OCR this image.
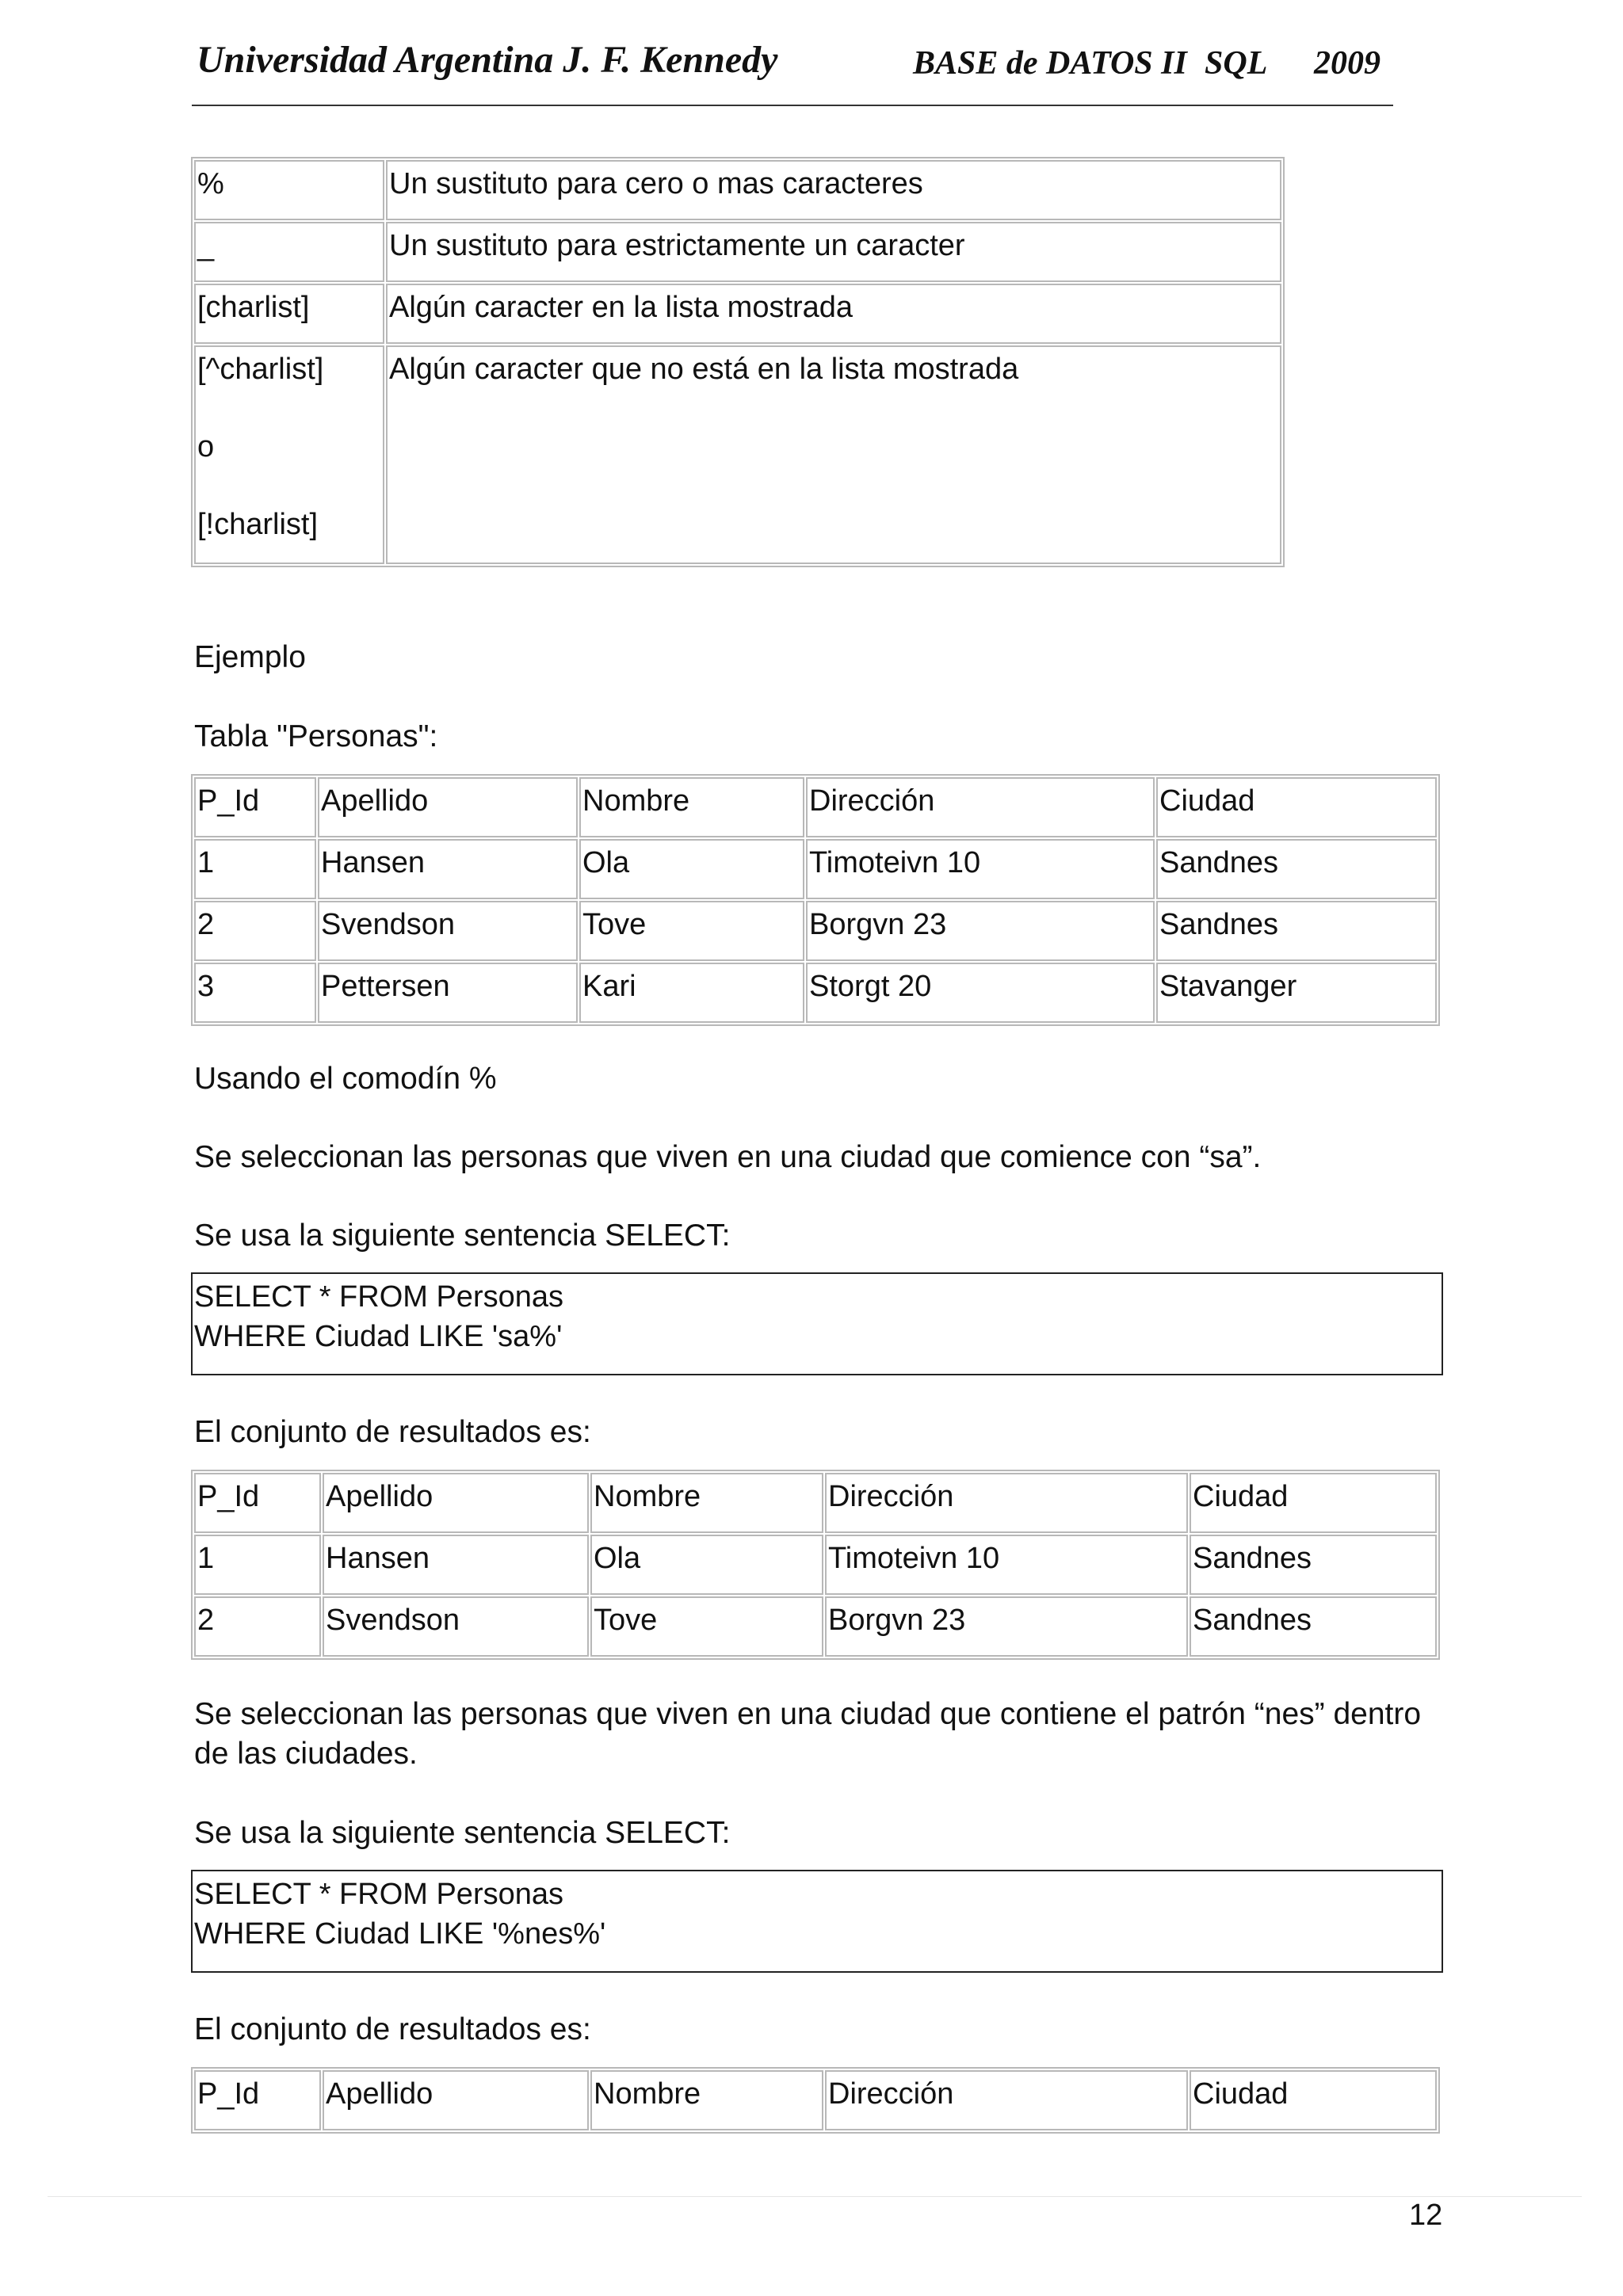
Universidad Argentina J. F. Kennedy	BASE de DATOS II SQL 2009
%	Un sustituto para cero o mas caracteres
_	Un sustituto para estrictamente un caracter
[charlist]	Algún caracter en la lista mostrada

[^charlist]
o
[!charlist]	Algún caracter que no está en la lista mostrada

Ejemplo

Tabla "Personas":

P_Id	Apellido	Nombre	Dirección	Ciudad
1	Hansen	Ola	Timoteivn 10	Sandnes
2	Svendson	Tove	Borgvn 23	Sandnes
3	Pettersen	Kari	Storgt 20	Stavanger

Usando el comodín %

Se seleccionan las personas que viven en una ciudad que comience con “sa”.

Se usa la siguiente sentencia SELECT:

SELECT * FROM Personas
WHERE Ciudad LIKE 'sa%'

El conjunto de resultados es:

P_Id	Apellido	Nombre	Dirección	Ciudad
1	Hansen	Ola	Timoteivn 10	Sandnes
2	Svendson	Tove	Borgvn 23	Sandnes

Se seleccionan las personas que viven en una ciudad que contiene el patrón “nes” dentro de las ciudades.

Se usa la siguiente sentencia SELECT:

SELECT * FROM Personas
WHERE Ciudad LIKE '%nes%'

El conjunto de resultados es:

P_Id	Apellido	Nombre	Dirección	Ciudad
12
